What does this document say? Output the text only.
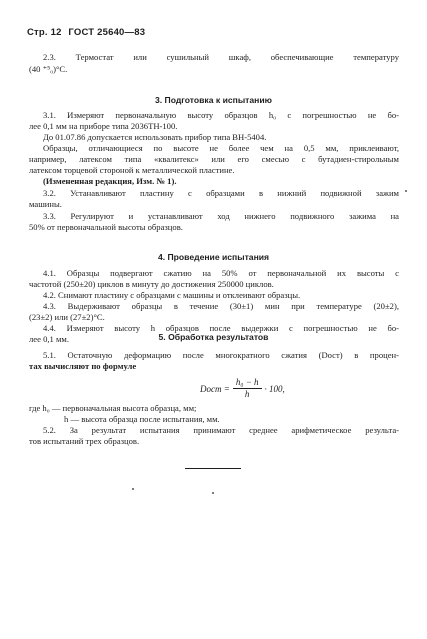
Стр. 12 ГОСТ 25640—83

2.3. Термостат или сушильный шкаф, обеспечивающие температуру

(40 ⁺⁵₀)°С.

3. Подготовка к испытанию

3.1. Измеряют первоначальную высоту образцов h₀ с погрешностью не бо-

лее 0,1 мм на приборе типа 2036ТН-100.

До 01.07.86 допускается использовать прибор типа ВН-5404.

Образцы, отличающиеся по высоте не более чем на 0,5 мм, приклеивают,

например, латексом типа «квалитекс» или его смесью с бутадиен-стирольным

латексом торцевой стороной к металлической пластине.

(Измененная редакция, Изм. № 1).

3.2. Устанавливают пластину с образцами в нижний подвижной зажим

машины.

3.3. Регулируют и устанавливают ход нижнего подвижного зажима на

50% от первоначальной высоты образцов.

4. Проведение испытания

4.1. Образцы подвергают сжатию на 50% от первоначальной их высоты с

частотой (250±20) циклов в минуту до достижения 250000 циклов.

4.2. Снимают пластину с образцами с машины и отклеивают образцы.

4.3. Выдерживают образцы в течение (30±1) мин при температуре (20±2),

(23±2) или (27±2)°С.

4.4. Измеряют высоту h образцов после выдержки с погрешностью не бо-

лее 0,1 мм.	5. Обработка результатов

5.1. Остаточную деформацию после многократного сжатия (Dост) в процен-

тах вычисляют по формуле

Dост = $\frac{\text{h₀ − h}}{h} \cdot 100$,

где h₀ — первоначальная высота образца, мм;

h — высота образца после испытания, мм.

5.2. За результат испытания принимают среднее арифметическое результа-

тов испытаний трех образцов.
